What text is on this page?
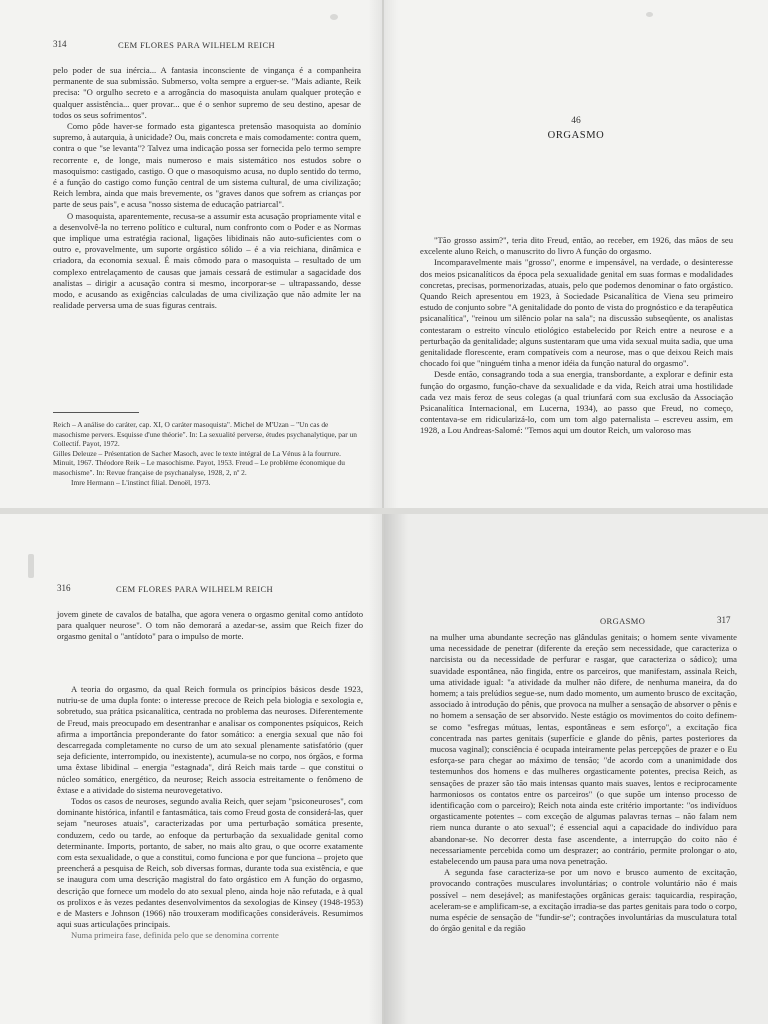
314	CEM FLORES PARA WILHELM REICH

pelo poder de sua inércia... A fantasia inconsciente de vingança é a companheira permanente de sua submissão. Submerso, volta sempre a erguer-se. "Mais adiante, Reik precisa: "O orgulho secreto e a arrogância do masoquista anulam qualquer proteção e qualquer assistência... quer provar... que é o senhor supremo de seu destino, apesar de todos os seus sofrimentos".

Como pôde haver-se formado esta gigantesca pretensão masoquista ao domínio supremo, à autarquia, à unicidade? Ou, mais concreta e mais comodamente: contra quem, contra o que "se levanta"? Talvez uma indicação possa ser fornecida pelo termo sempre recorrente e, de longe, mais numeroso e mais sistemático nos estudos sobre o masoquismo: castigado, castigo. O que o masoquismo acusa, no duplo sentido do termo, é a função do castigo como função central de um sistema cultural, de uma civilização; Reich lembra, ainda que mais brevemente, os "graves danos que sofrem as crianças por parte de seus pais", e acusa "nosso sistema de educação patriarcal".

O masoquista, aparentemente, recusa-se a assumir esta acusação propriamente vital e a desenvolvê-la no terreno político e cultural, num confronto com o Poder e as Normas que implique uma estratégia racional, ligações libidinais não auto-suficientes com o outro e, provavelmente, um suporte orgástico sólido – é a via reichiana, dinâmica e criadora, da economia sexual. É mais cômodo para o masoquista – resultado de um complexo entrelaçamento de causas que jamais cessará de estimular a sagacidade dos analistas – dirigir a acusação contra si mesmo, incorporar-se – ultrapassando, desse modo, e acusando as exigências calculadas de uma civilização que não admite ler na realidade perversa uma de suas figuras centrais.

Reich – A análise do caráter, cap. XI, O caráter masoquista". Michel de M'Uzan – "Un cas de masochisme pervers. Esquisse d'une théorie". In: La sexualité perverse, études psychanalytique, par un Collectif. Payot, 1972.

Gilles Deleuze – Présentation de Sacher Masoch, avec le texte intégral de La Vénus à la fourrure. Minuit, 1967. Théodore Reik – Le masochisme. Payot, 1953. Freud – Le problème économique du masochisme". In: Revue française de psychanalyse, 1928, 2, nº 2.

Imre Hermann – L'instinct filial. Denoël, 1973.

46
ORGASMO

"Tão grosso assim?", teria dito Freud, então, ao receber, em 1926, das mãos de seu excelente aluno Reich, o manuscrito do livro A função do orgasmo.

Incomparavelmente mais "grosso", enorme e impensável, na verdade, o desinteresse dos meios psicanalíticos da época pela sexualidade genital em suas formas e modalidades concretas, precisas, pormenorizadas, atuais, pelo que podemos denominar o fato orgástico. Quando Reich apresentou em 1923, à Sociedade Psicanalítica de Viena seu primeiro estudo de conjunto sobre "A genitalidade do ponto de vista do prognóstico e da terapêutica psicanalítica", "reinou um silêncio polar na sala"; na discussão subseqüente, os analistas contestaram o estreito vínculo etiológico estabelecido por Reich entre a neurose e a perturbação da genitalidade; alguns sustentaram que uma vida sexual muita sadia, que uma genitalidade florescente, eram compatíveis com a neurose, mas o que deixou Reich mais chocado foi que "ninguém tinha a menor idéia da função natural do orgasmo".

Desde então, consagrando toda a sua energia, transbordante, a explorar e definir esta função do orgasmo, função-chave da sexualidade e da vida, Reich atrai uma hostilidade cada vez mais feroz de seus colegas (a qual triunfará com sua exclusão da Associação Psicanalítica Internacional, em Lucerna, 1934), ao passo que Freud, no começo, contentava-se em ridicularizá-lo, com um tom algo paternalista – escreveu assim, em 1928, a Lou Andreas-Salomé: "Temos aqui um doutor Reich, um valoroso mas

316	CEM FLORES PARA WILHELM REICH

jovem ginete de cavalos de batalha, que agora venera o orgasmo genital como antídoto para qualquer neurose". O tom não demorará a azedar-se, assim que Reich fizer do orgasmo genital o "antídoto" para o impulso de morte.

A teoria do orgasmo, da qual Reich formula os princípios básicos desde 1923, nutriu-se de uma dupla fonte: o interesse precoce de Reich pela biologia e sexologia e, sobretudo, sua prática psicanalítica, centrada no problema das neuroses. Diferentemente de Freud, mais preocupado em desentranhar e analisar os componentes psíquicos, Reich afirma a importância preponderante do fator somático: a energia sexual que não foi descarregada completamente no curso de um ato sexual plenamente satisfatório (quer seja deficiente, interrompido, ou inexistente), acumula-se no corpo, nos órgãos, e forma uma êxtase libidinal – energia "estagnada", dirá Reich mais tarde – que constitui o núcleo somático, energético, da neurose; Reich associa estreitamente o fenômeno de êxtase e a atividade do sistema neurovegetativo.

Todos os casos de neuroses, segundo avalia Reich, quer sejam "psiconeuroses", com dominante histórica, infantil e fantasmática, tais como Freud gosta de considerá-las, quer sejam "neuroses atuais", caracterizadas por uma perturbação somática presente, conduzem, cedo ou tarde, ao enfoque da perturbação da sexualidade genital como determinante. Imports, portanto, de saber, no mais alto grau, o que ocorre exatamente com esta sexualidade, o que a constitui, como funciona e por que funciona – projeto que preencherá a pesquisa de Reich, sob diversas formas, durante toda sua existência, e que se inaugura com uma descrição magistral do fato orgástico em A função do orgasmo, descrição que fornece um modelo do ato sexual pleno, ainda hoje não refutada, e à qual os prolixos e às vezes pedantes desenvolvimentos da sexologias de Kinsey (1948-1953) e de Masters e Johnson (1966) não trouxeram modificações consideráveis. Resumimos aqui suas articulações principais.

Numa primeira fase, definida pelo que se denomina corrente

ORGASMO	317

na mulher uma abundante secreção nas glândulas genitais; o homem sente vivamente uma necessidade de penetrar (diferente da ereção sem necessidade, que caracteriza o narcisista ou da necessidade de perfurar e rasgar, que caracteriza o sádico); uma suavidade espontânea, não fingida, entre os parceiros, que manifestam, assinala Reich, uma atividade igual: "a atividade da mulher não difere, de nenhuma maneira, da do homem; a tais prelúdios segue-se, num dado momento, um aumento brusco de excitação, associado à introdução do pênis, que provoca na mulher a sensação de absorver o pênis e no homem a sensação de ser absorvido. Neste estágio os movimentos do coito definem-se como "esfregas mútuas, lentas, espontâneas e sem esforço", a excitação fica concentrada nas partes genitais (superfície e glande do pênis, partes posteriores da mucosa vaginal); consciência é ocupada inteiramente pelas percepções de prazer e o Eu esforça-se para chegar ao máximo de tensão; "de acordo com a unanimidade dos testemunhos dos homens e das mulheres orgasticamente potentes, precisa Reich, as sensações de prazer são tão mais intensas quanto mais suaves, lentos e reciprocamente harmoniosos os contatos entre os parceiros" (o que supõe um intenso processo de identificação com o parceiro); Reich nota ainda este critério importante: "os indivíduos orgasticamente potentes – com exceção de algumas palavras ternas – não falam nem riem nunca durante o ato sexual"; é essencial aqui a capacidade do indivíduo para abandonar-se. No decorrer desta fase ascendente, a interrupção do coito não é necessariamente percebida como um desprazer; ao contrário, permite prolongar o ato, estabelecendo um pausa para uma nova penetração.

A segunda fase caracteriza-se por um novo e brusco aumento de excitação, provocando contrações musculares involuntárias; o controle voluntário não é mais possível – nem desejável; as manifestações orgânicas gerais: taquicardia, respiração, aceleram-se e amplificam-se, a excitação irradia-se das partes genitais para todo o corpo, numa espécie de sensação de "fundir-se"; contrações involuntárias da musculatura total do órgão genital e da região
